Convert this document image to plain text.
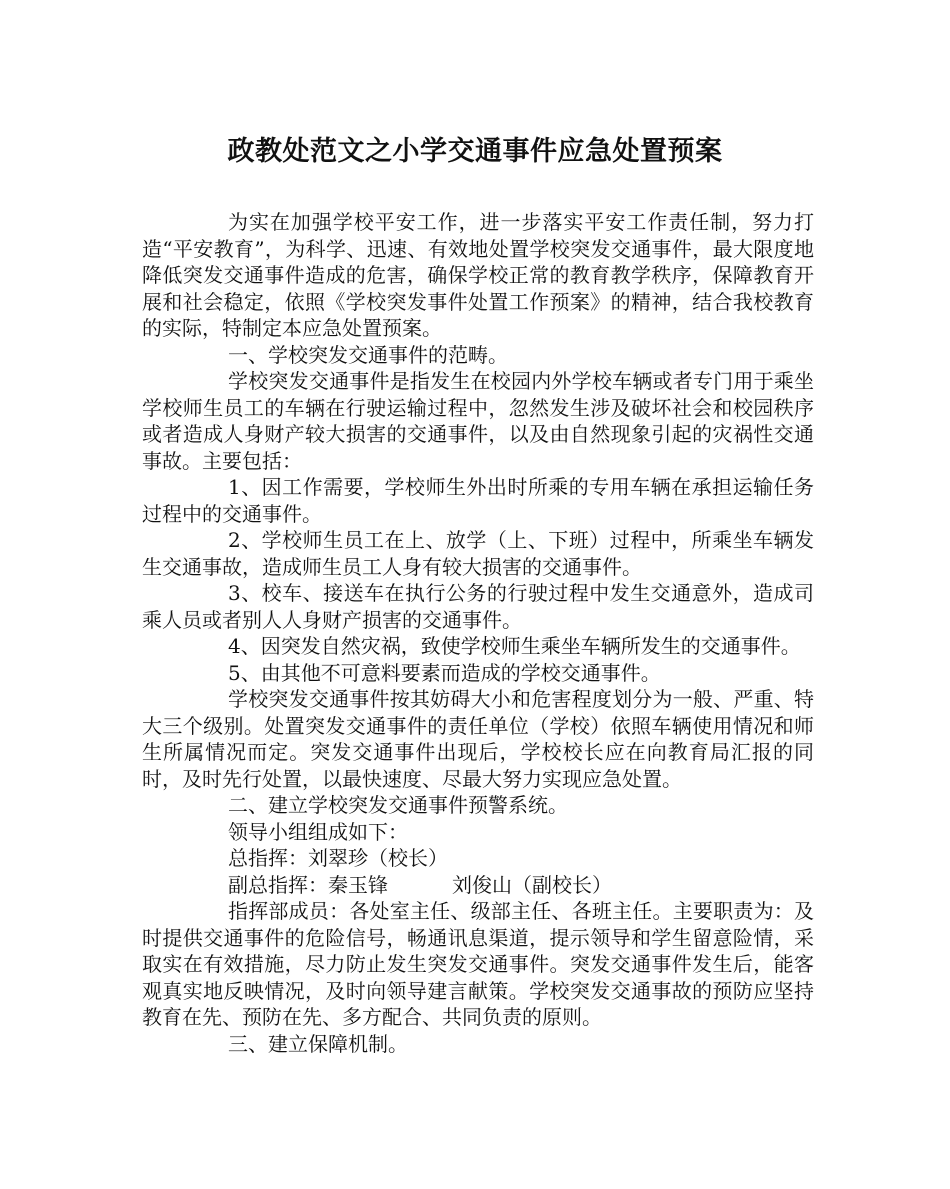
政教处范文之小学交通事件应急处置预案

为实在加强学校平安工作，进一步落实平安工作责任制，努力打造“平安教育”，为科学、迅速、有效地处置学校突发交通事件，最大限度地降低突发交通事件造成的危害，确保学校正常的教育教学秩序，保障教育开展和社会稳定，依照《学校突发事件处置工作预案》的精神，结合我校教育的实际，特制定本应急处置预案。

一、学校突发交通事件的范畴。

学校突发交通事件是指发生在校园内外学校车辆或者专门用于乘坐学校师生员工的车辆在行驶运输过程中，忽然发生涉及破坏社会和校园秩序或者造成人身财产较大损害的交通事件，以及由自然现象引起的灾祸性交通事故。主要包括：

1、因工作需要，学校师生外出时所乘的专用车辆在承担运输任务过程中的交通事件。

2、学校师生员工在上、放学（上、下班）过程中，所乘坐车辆发生交通事故，造成师生员工人身有较大损害的交通事件。

3、校车、接送车在执行公务的行驶过程中发生交通意外，造成司乘人员或者别人人身财产损害的交通事件。

4、因突发自然灾祸，致使学校师生乘坐车辆所发生的交通事件。

5、由其他不可意料要素而造成的学校交通事件。

学校突发交通事件按其妨碍大小和危害程度划分为一般、严重、特大三个级别。处置突发交通事件的责任单位（学校）依照车辆使用情况和师生所属情况而定。突发交通事件出现后，学校校长应在向教育局汇报的同时，及时先行处置，以最快速度、尽最大努力实现应急处置。

二、建立学校突发交通事件预警系统。

领导小组组成如下：

总指挥：刘翠珍（校长）

副总指挥：秦玉锋	刘俊山（副校长）

指挥部成员：各处室主任、级部主任、各班主任。主要职责为：及时提供交通事件的危险信号，畅通讯息渠道，提示领导和学生留意险情，采取实在有效措施，尽力防止发生突发交通事件。突发交通事件发生后，能客观真实地反映情况，及时向领导建言献策。学校突发交通事故的预防应坚持教育在先、预防在先、多方配合、共同负责的原则。

三、建立保障机制。
